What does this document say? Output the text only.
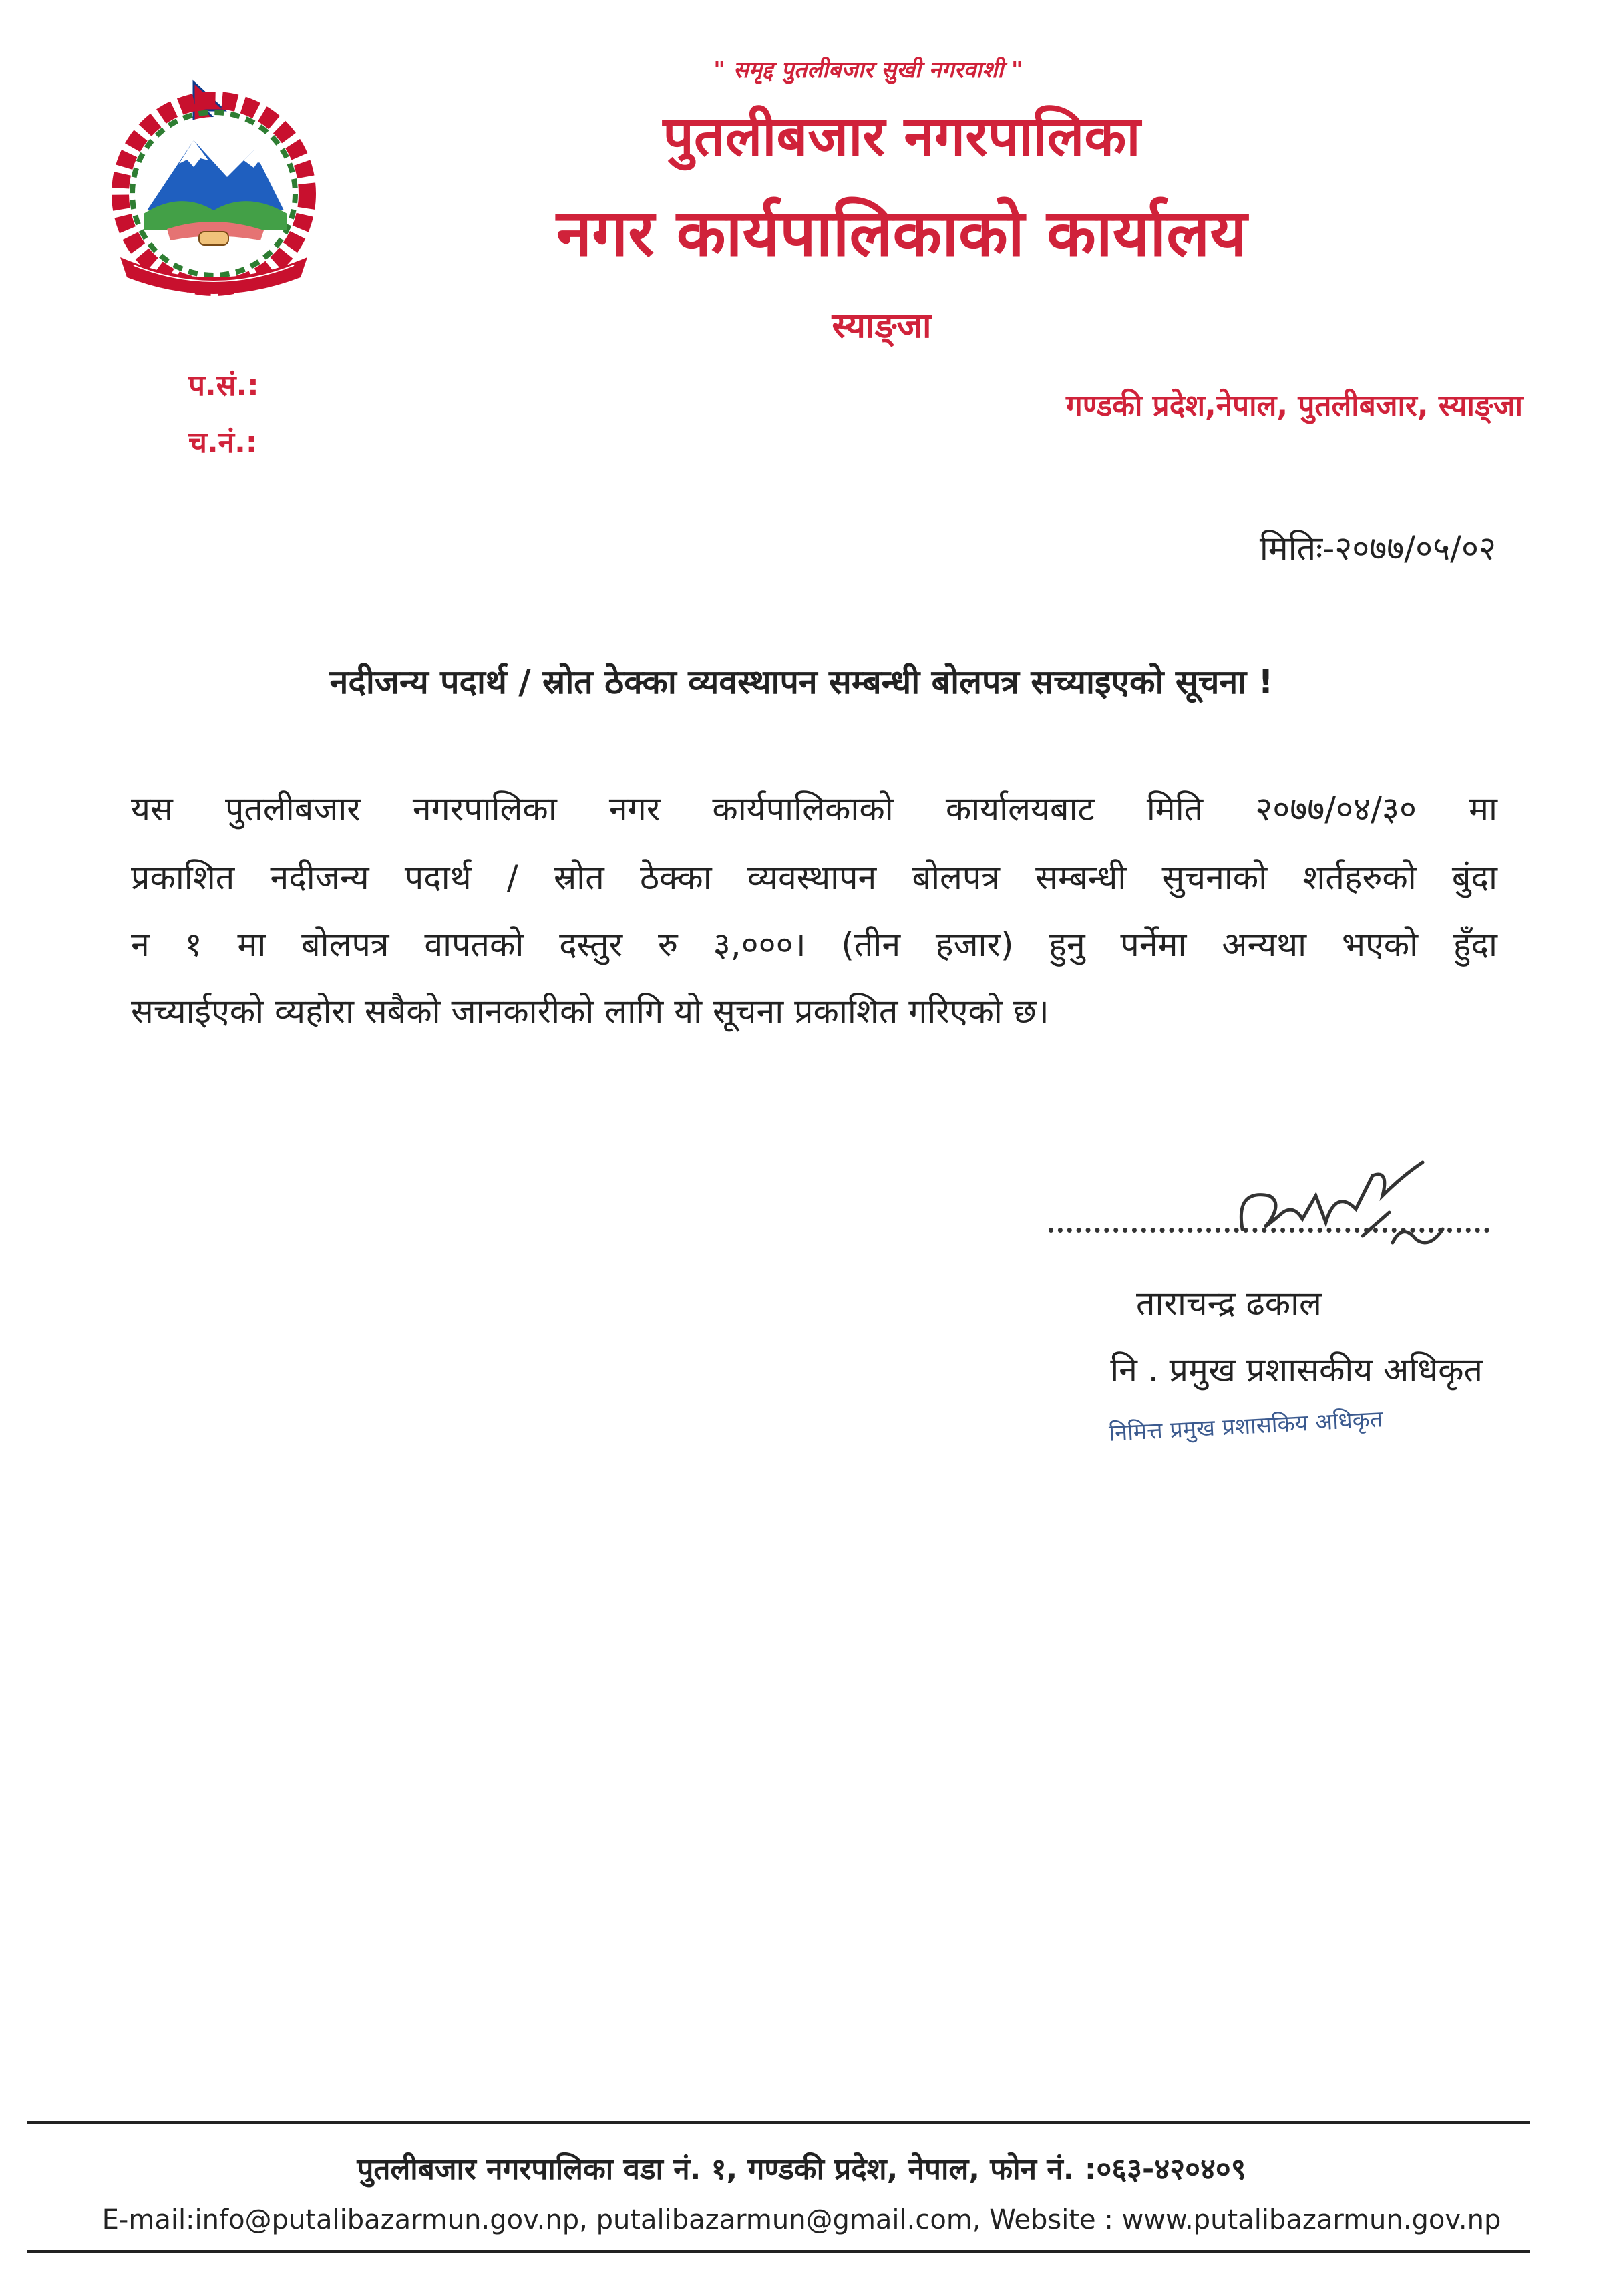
" समृद्द पुतलीबजार सुखी नगरवाशी "
पुतलीबजार नगरपालिका
नगर कार्यपालिकाको कार्यालय
स्याङ्जा
प.सं.:
च.नं.:
गण्डकी प्रदेश,नेपाल, पुतलीबजार, स्याङ्जा
मितिः-२०७७/०५/०२
नदीजन्य पदार्थ / स्रोत ठेक्का व्यवस्थापन सम्बन्धी बोलपत्र सच्याइएको सूचना !
यस पुतलीबजार नगरपालिका नगर कार्यपालिकाको कार्यालयबाट मिति २०७७/०४/३० मा
प्रकाशित नदीजन्य पदार्थ / स्रोत ठेक्का व्यवस्थापन बोलपत्र सम्बन्धी सुचनाको शर्तहरुको बुंदा
न १ मा बोलपत्र वापतको दस्तुर रु ३,०००। (तीन हजार) हुनु पर्नेमा अन्यथा भएको हुँदा
सच्याईएको व्यहोरा सबैको जानकारीको लागि यो सूचना प्रकाशित गरिएको छ।
ताराचन्द्र ढकाल
नि . प्रमुख प्रशासकीय अधिकृत
निमित्त प्रमुख प्रशासकिय अधिकृत
पुतलीबजार नगरपालिका वडा नं. १, गण्डकी प्रदेश, नेपाल, फोन नं. :०६३-४२०४०९
E-mail:info@putalibazarmun.gov.np, putalibazarmun@gmail.com, Website : www.putalibazarmun.gov.np
